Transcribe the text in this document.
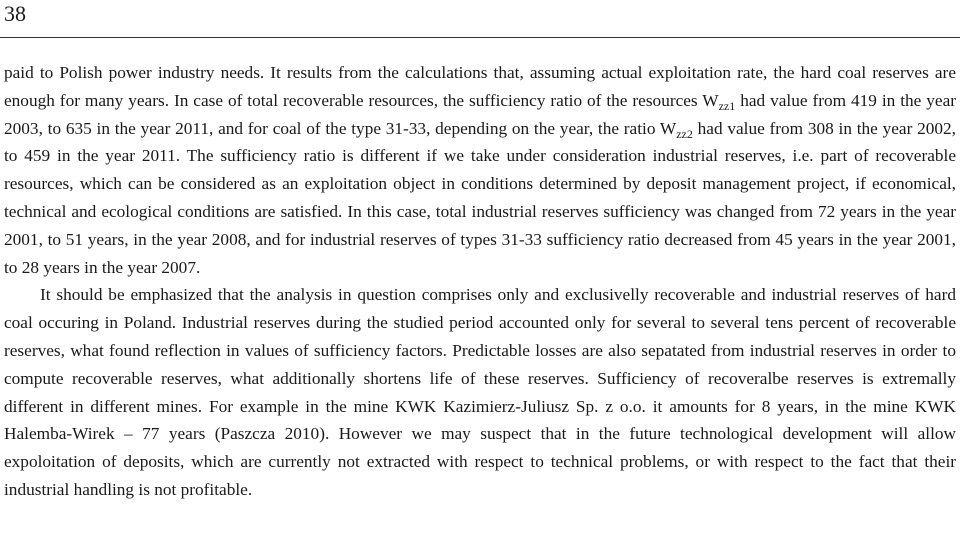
38

paid to Polish power industry needs. It results from the calculations that, assuming actual exploitation rate, the hard coal reserves are enough for many years. In case of total recoverable resources, the sufficiency ratio of the resources $W_{zz1}$ had value from 419 in the year 2003, to 635 in the year 2011, and for coal of the type 31-33, depending on the year, the ratio $W_{zz2}$ had value from 308 in the year 2002, to 459 in the year 2011. The sufficiency ratio is different if we take under consideration industrial reserves, i.e. part of recoverable resources, which can be considered as an exploitation object in conditions determined by deposit management project, if economical, technical and ecological conditions are satisfied. In this case, total industrial reserves sufficiency was changed from 72 years in the year 2001, to 51 years, in the year 2008, and for industrial reserves of types 31-33 sufficiency ratio decreased from 45 years in the year 2001, to 28 years in the year 2007.

It should be emphasized that the analysis in question comprises only and exclusivelly recoverable and industrial reserves of hard coal occuring in Poland. Industrial reserves during the studied period accounted only for several to several tens percent of recoverable reserves, what found reflection in values of sufficiency factors. Predictable losses are also sepatated from industrial reserves in order to compute recoverable reserves, what additionally shortens life of these reserves. Sufficiency of recoveralbe reserves is extremally different in different mines. For example in the mine KWK Kazimierz-Juliusz Sp. z o.o. it amounts for 8 years, in the mine KWK Halemba-Wirek – 77 years (Paszcza 2010). However we may suspect that in the future technological development will allow expoloitation of deposits, which are currently not extracted with respect to technical problems, or with respect to the fact that their industrial handling is not profitable.
